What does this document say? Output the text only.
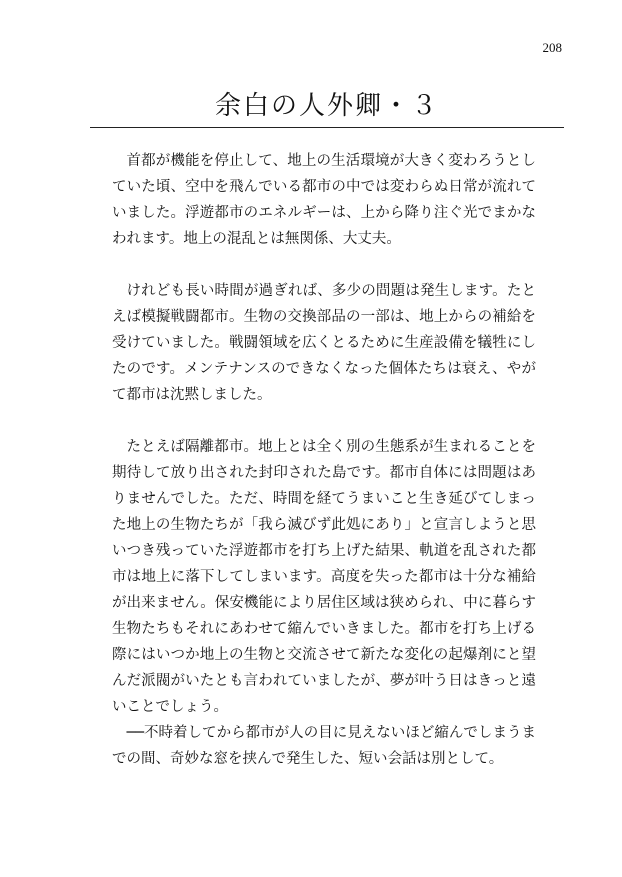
208
余白の人外卿・３

首都が機能を停止して、地上の生活環境が大きく変わろうとしていた頃、空中を飛んでいる都市の中では変わらぬ日常が流れていました。浮遊都市のエネルギーは、上から降り注ぐ光でまかなわれます。地上の混乱とは無関係、大丈夫。

けれども長い時間が過ぎれば、多少の問題は発生します。たとえば模擬戦闘都市。生物の交換部品の一部は、地上からの補給を受けていました。戦闘領域を広くとるために生産設備を犠牲にしたのです。メンテナンスのできなくなった個体たちは衰え、やがて都市は沈黙しました。

たとえば隔離都市。地上とは全く別の生態系が生まれることを期待して放り出された封印された島です。都市自体には問題はありませんでした。ただ、時間を経てうまいこと生き延びてしまった地上の生物たちが「我ら滅びず此処にあり」と宣言しようと思いつき残っていた浮遊都市を打ち上げた結果、軌道を乱された都市は地上に落下してしまいます。高度を失った都市は十分な補給が出来ません。保安機能により居住区域は狭められ、中に暮らす生物たちもそれにあわせて縮んでいきました。都市を打ち上げる際にはいつか地上の生物と交流させて新たな変化の起爆剤にと望んだ派閥がいたとも言われていましたが、夢が叶う日はきっと遠いことでしょう。

──不時着してから都市が人の目に見えないほど縮んでしまうまでの間、奇妙な窓を挟んで発生した、短い会話は別として。
